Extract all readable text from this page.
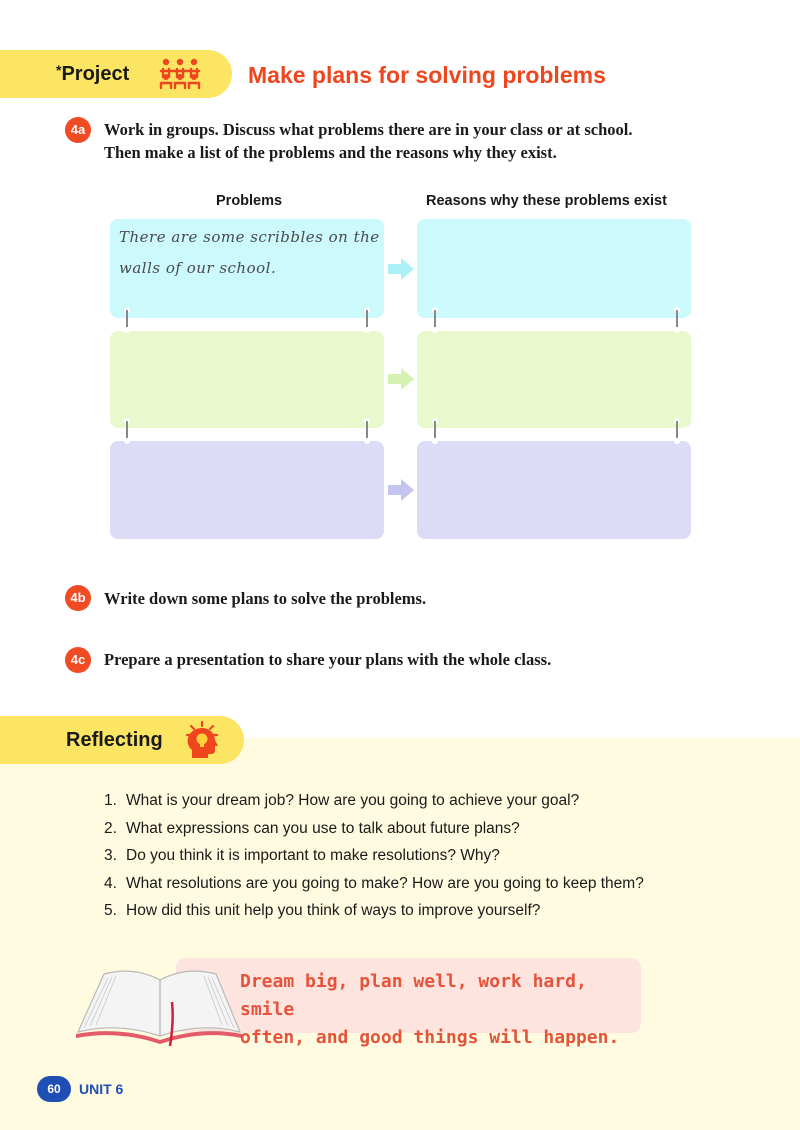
*Project	Make plans for solving problems
4a	Work in groups. Discuss what problems there are in your class or at school.
Then make a list of the problems and the reasons why they exist.
Problems	Reasons why these problems exist
There are some scribbles on the
walls of our school.
4b	Write down some plans to solve the problems.
4c	Prepare a presentation to share your plans with the whole class.
Reflecting
1. What is your dream job? How are you going to achieve your goal?
2. What expressions can you use to talk about future plans?
3. Do you think it is important to make resolutions? Why?
4. What resolutions are you going to make? How are you going to keep them?
5. How did this unit help you think of ways to improve yourself?
Dream big, plan well, work hard, smile
often, and good things will happen.
60	UNIT 6
